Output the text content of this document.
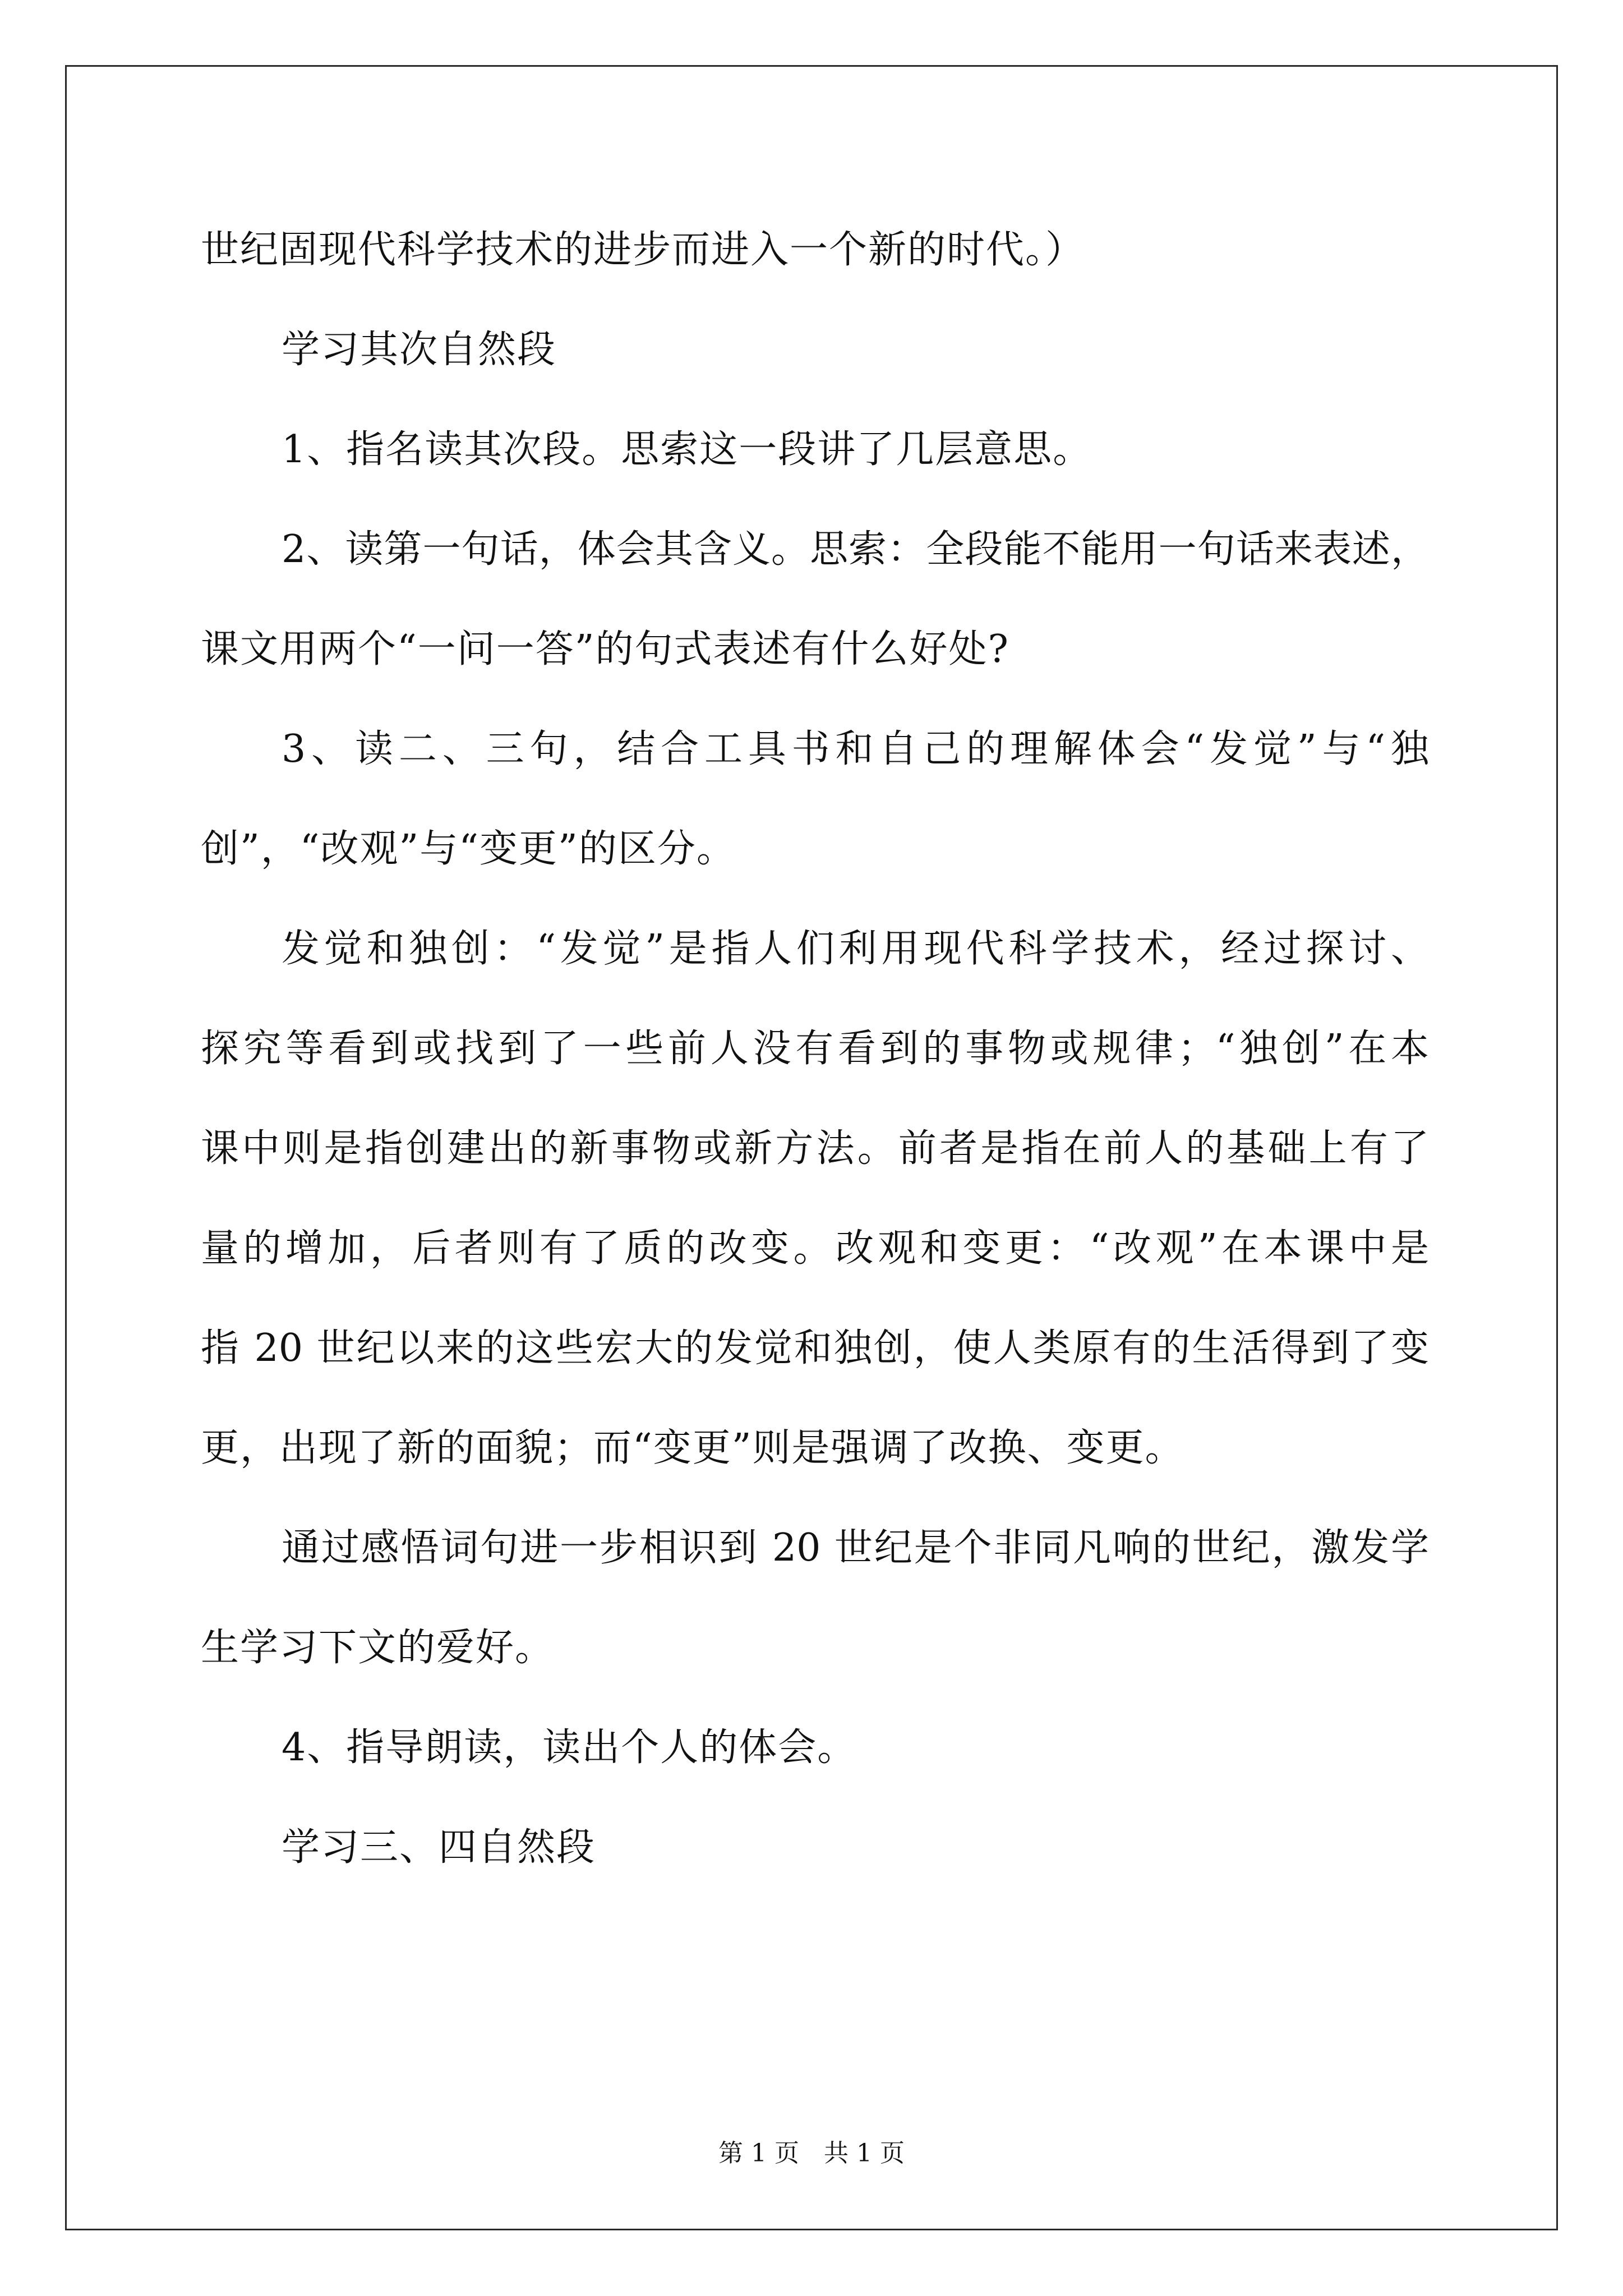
世纪固现代科学技术的进步而进入一个新的时代。）
学习其次自然段
1、指名读其次段。思索这一段讲了几层意思。
2、读第一句话，体会其含义。思索：全段能不能用一句话来表述，
课文用两个“一问一答”的句式表述有什么好处?
3、读二、三句，结合工具书和自己的理解体会“发觉”与“独
创”，“改观”与“变更”的区分。
发觉和独创：“发觉”是指人们利用现代科学技术，经过探讨、
探究等看到或找到了一些前人没有看到的事物或规律；“独创”在本
课中则是指创建出的新事物或新方法。前者是指在前人的基础上有了
量的增加，后者则有了质的改变。改观和变更：“改观”在本课中是
指 20 世纪以来的这些宏大的发觉和独创，使人类原有的生活得到了变
更，出现了新的面貌；而“变更”则是强调了改换、变更。
通过感悟词句进一步相识到 20 世纪是个非同凡响的世纪，激发学
生学习下文的爱好。
4、指导朗读，读出个人的体会。
学习三、四自然段
第 1 页　共 1 页
